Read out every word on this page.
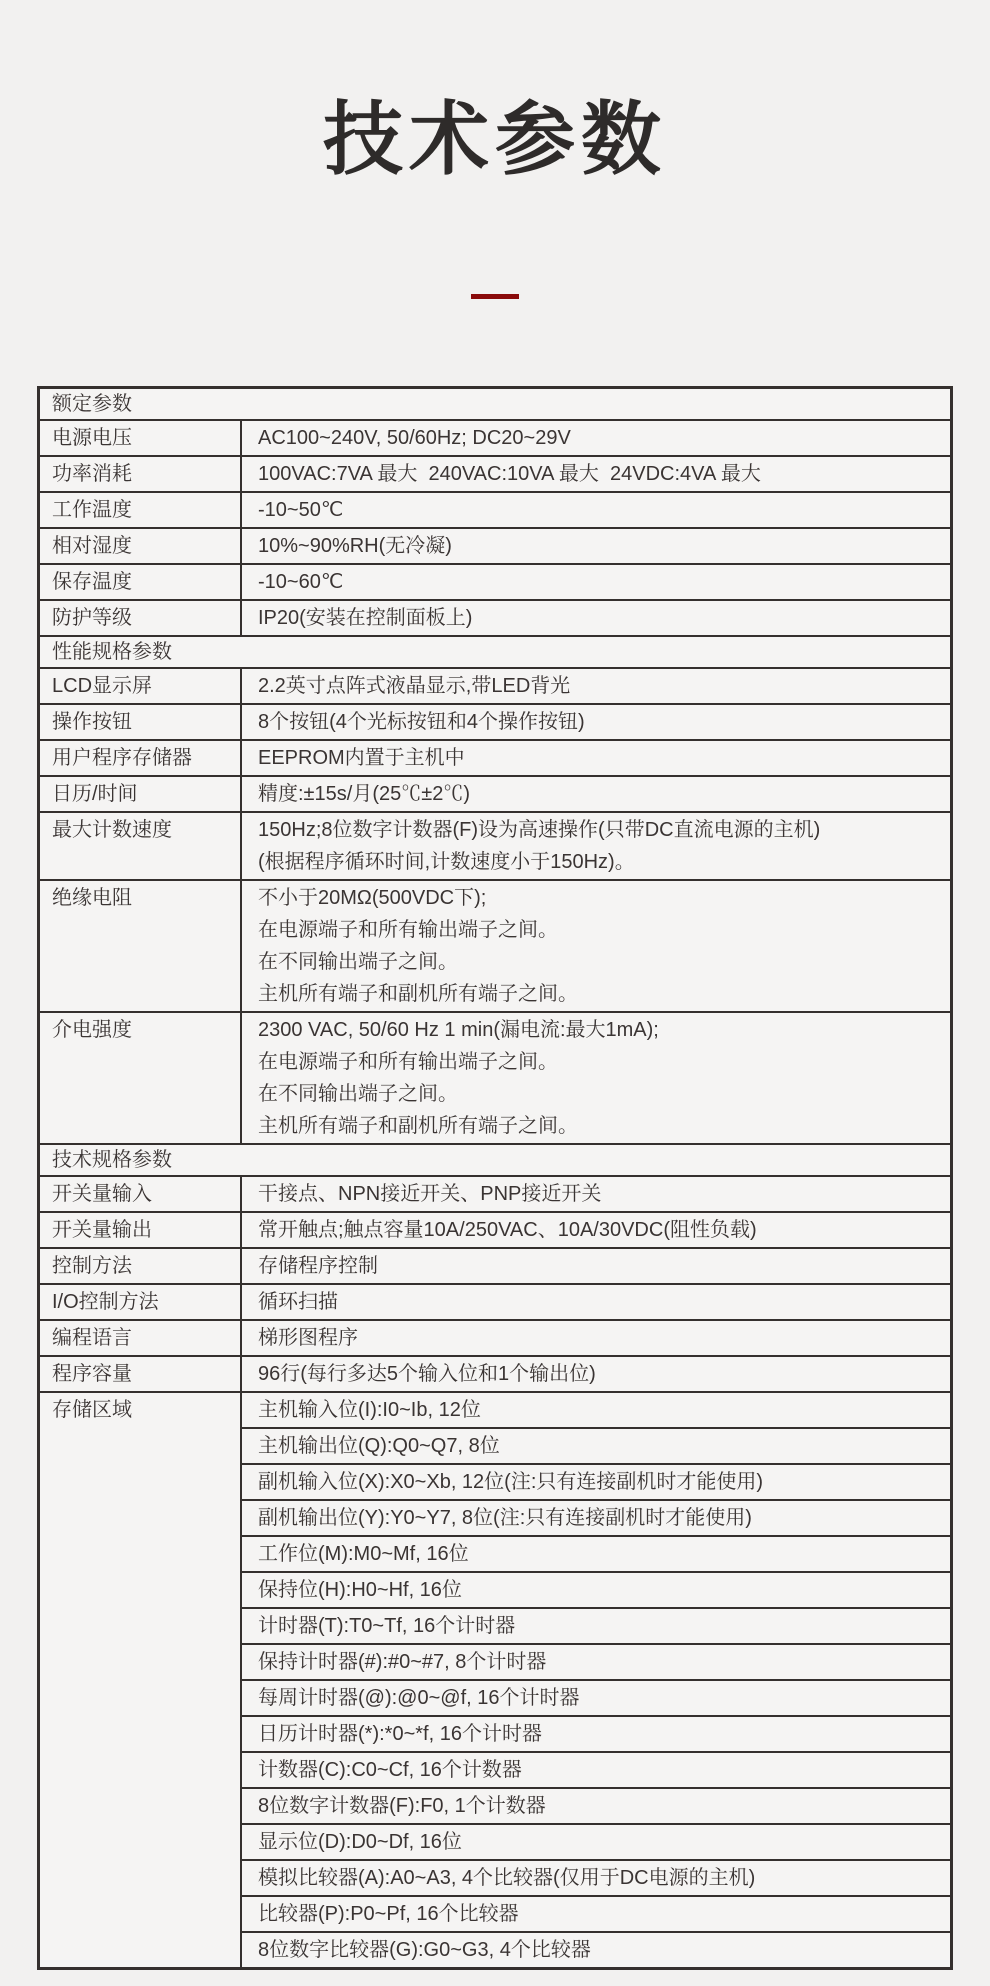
技术参数
额定参数
电源电压	AC100~240V, 50/60Hz; DC20~29V
功率消耗	100VAC:7VA 最大  240VAC:10VA 最大  24VDC:4VA 最大
工作温度	-10~50℃
相对湿度	10%~90%RH(无冷凝)
保存温度	-10~60℃
防护等级	IP20(安装在控制面板上)
性能规格参数
LCD显示屏	2.2英寸点阵式液晶显示,带LED背光
操作按钮	8个按钮(4个光标按钮和4个操作按钮)
用户程序存储器	EEPROM内置于主机中
日历/时间	精度:±15s/月(25℃±2℃)
最大计数速度	150Hz;8位数字计数器(F)设为高速操作(只带DC直流电源的主机)
(根据程序循环时间,计数速度小于150Hz)。
绝缘电阻	不小于20MΩ(500VDC下);
在电源端子和所有输出端子之间。
在不同输出端子之间。
主机所有端子和副机所有端子之间。
介电强度	2300 VAC, 50/60 Hz 1 min(漏电流:最大1mA);
在电源端子和所有输出端子之间。
在不同输出端子之间。
主机所有端子和副机所有端子之间。
技术规格参数
开关量输入	干接点、NPN接近开关、PNP接近开关
开关量输出	常开触点;触点容量10A/250VAC、10A/30VDC(阻性负载)
控制方法	存储程序控制
I/O控制方法	循环扫描
编程语言	梯形图程序
程序容量	96行(每行多达5个输入位和1个输出位)
存储区域	主机输入位(I):I0~Ib, 12位
主机输出位(Q):Q0~Q7, 8位
副机输入位(X):X0~Xb, 12位(注:只有连接副机时才能使用)
副机输出位(Y):Y0~Y7, 8位(注:只有连接副机时才能使用)
工作位(M):M0~Mf, 16位
保持位(H):H0~Hf, 16位
计时器(T):T0~Tf, 16个计时器
保持计时器(#):#0~#7, 8个计时器
每周计时器(@):@0~@f, 16个计时器
日历计时器(*):*0~*f, 16个计时器
计数器(C):C0~Cf, 16个计数器
8位数字计数器(F):F0, 1个计数器
显示位(D):D0~Df, 16位
模拟比较器(A):A0~A3, 4个比较器(仅用于DC电源的主机)
比较器(P):P0~Pf, 16个比较器
8位数字比较器(G):G0~G3, 4个比较器
